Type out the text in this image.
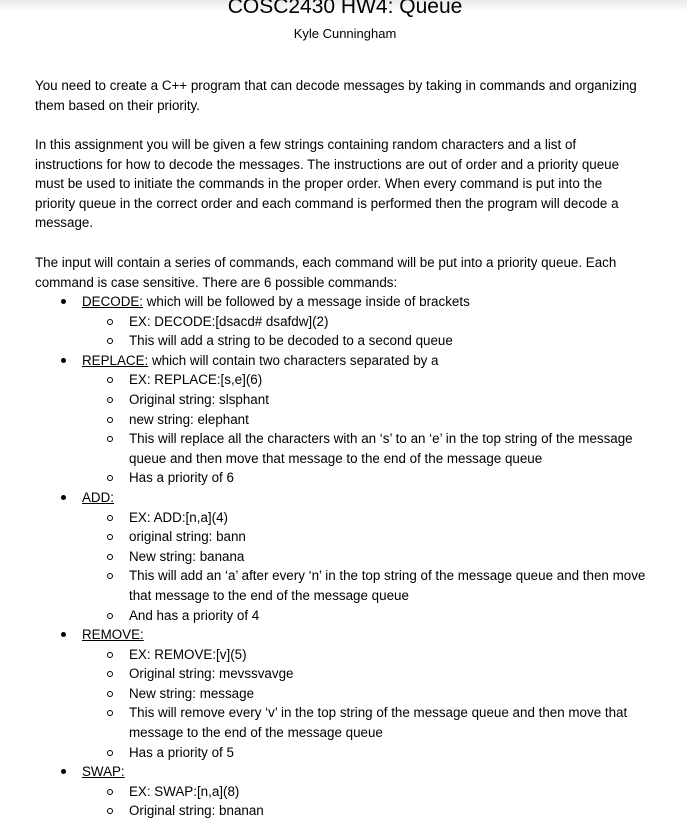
COSC2430 HW4: Queue
Kyle Cunningham

You need to create a C++ program that can decode messages by taking in commands and organizing them based on their priority.

In this assignment you will be given a few strings containing random characters and a list of instructions for how to decode the messages. The instructions are out of order and a priority queue must be used to initiate the commands in the proper order. When every command is put into the priority queue in the correct order and each command is performed then the program will decode a message.

The input will contain a series of commands, each command will be put into a priority queue. Each command is case sensitive. There are 6 possible commands:

DECODE: which will be followed by a message inside of brackets
EX: DECODE:[dsacd# dsafdw](2)
This will add a string to be decoded to a second queue
REPLACE: which will contain two characters separated by a
EX: REPLACE:[s,e](6)
Original string: slsphant
new string: elephant
This will replace all the characters with an ‘s’ to an ‘e’ in the top string of the message queue and then move that message to the end of the message queue
Has a priority of 6
ADD:
EX: ADD:[n,a](4)
original string: bann
New string: banana
This will add an ‘a’ after every ‘n’ in the top string of the message queue and then move that message to the end of the message queue
And has a priority of 4
REMOVE:
EX: REMOVE:[v](5)
Original string: mevssvavge
New string: message
This will remove every ‘v’ in the top string of the message queue and then move that message to the end of the message queue
Has a priority of 5
SWAP:
EX: SWAP:[n,a](8)
Original string: bnanan
